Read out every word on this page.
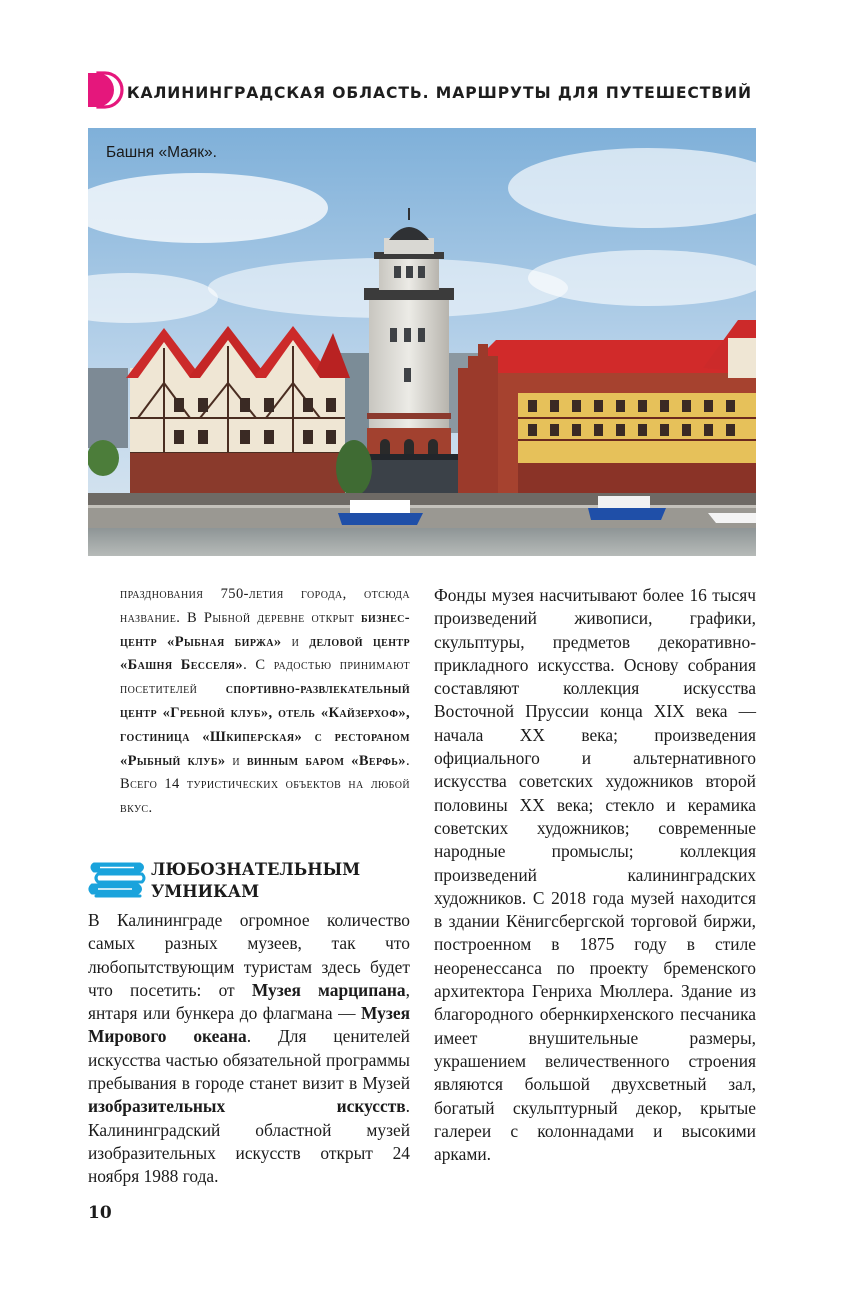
КАЛИНИНГРАДСКАЯ ОБЛАСТЬ. МАРШРУТЫ ДЛЯ ПУТЕШЕСТВИЙ
Башня «Маяк».

празднования 750-летия города, отсюда название. В Рыбной деревне открыт бизнес-центр «Рыбная биржа» и деловой центр «Башня Бесселя». С радостью принимают посетителей спортивно-развлекательный центр «Гребной клуб», отель «Кайзерхоф», гостиница «Шкиперская» с рестораном «Рыбный клуб» и винным баром «Верфь». Всего 14 туристических объектов на любой вкус.

ЛЮБОЗНАТЕЛЬНЫМ УМНИКАМ

В Калининграде огромное количество самых разных музеев, так что любопытствующим туристам здесь будет что посетить: от Музея марципана, янтаря или бункера до флагмана — Музея Мирового океана. Для ценителей искусства частью обязательной программы пребывания в городе станет визит в Музей изобразительных искусств. Калининградский областной музей изобразительных искусств открыт 24 ноября 1988 года.

Фонды музея насчитывают более 16 тысяч произведений живописи, графики, скульптуры, предметов декоративно-прикладного искусства. Основу собрания составляют коллекция искусства Восточной Пруссии конца XIX века — начала XX века; произведения официального и альтернативного искусства советских художников второй половины XX века; стекло и керамика советских художников; современные народные промыслы; коллекция произведений калининградских художников. С 2018 года музей находится в здании Кёнигсбергской торговой биржи, построенном в 1875 году в стиле неоренессанса по проекту бременского архитектора Генриха Мюллера. Здание из благородного обернкирхенского песчаника имеет внушительные размеры, украшением величественного строения являются большой двухсветный зал, богатый скульптурный декор, крытые галереи с колоннадами и высокими арками.

10
